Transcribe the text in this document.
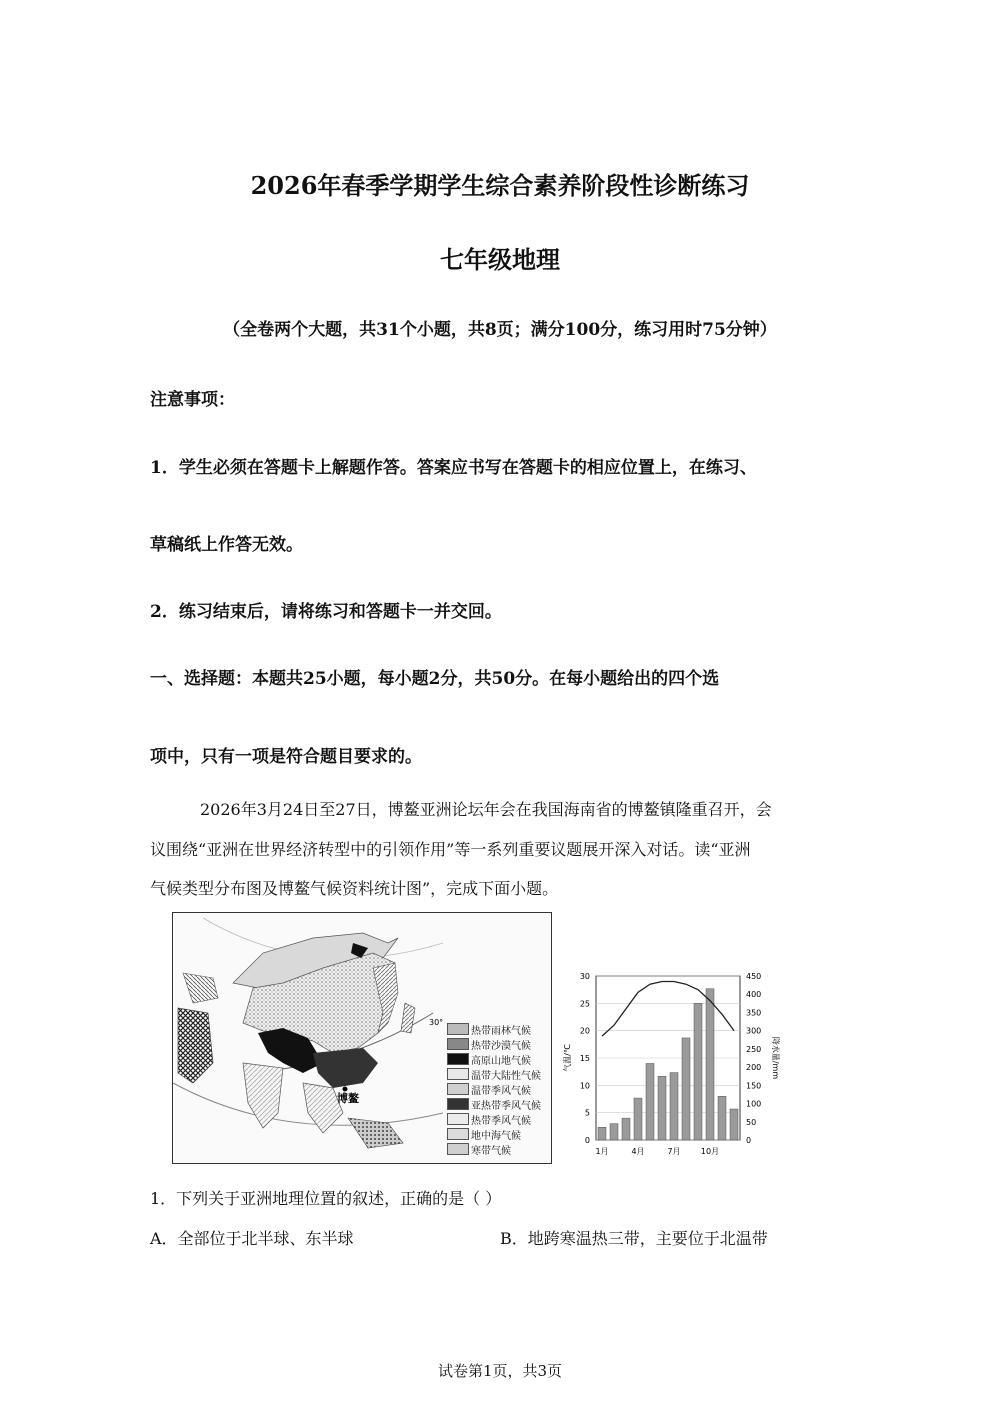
2026年春季学期学生综合素养阶段性诊断练习
七年级地理
（全卷两个大题，共31个小题，共8页；满分100分，练习用时75分钟）
注意事项：
1．学生必须在答题卡上解题作答。答案应书写在答题卡的相应位置上，在练习、
草稿纸上作答无效。
2．练习结束后，请将练习和答题卡一并交回。
一、选择题：本题共25小题，每小题2分，共50分。在每小题给出的四个选
项中，只有一项是符合题目要求的。
2026年3月24日至27日，博鳌亚洲论坛年会在我国海南省的博鳌镇隆重召开，会
议围绕“亚洲在世界经济转型中的引领作用”等一系列重要议题展开深入对话。读“亚洲
气候类型分布图及博鳌气候资料统计图”，完成下面小题。
30°
博鳌
热带雨林气候
热带沙漠气候
高原山地气候
温带大陆性气候
温带季风气候
亚热带季风气候
热带季风气候
地中海气候
寒带气候
0
5
10
15
20
25
30
0
50
100
150
200
250
300
350
400
450
气温/℃	降水量/mm
1月	4月	7月	10月
1．下列关于亚洲地理位置的叙述，正确的是（ ）
A．全部位于北半球、东半球	B．地跨寒温热三带，主要位于北温带
试卷第1页，共3页
